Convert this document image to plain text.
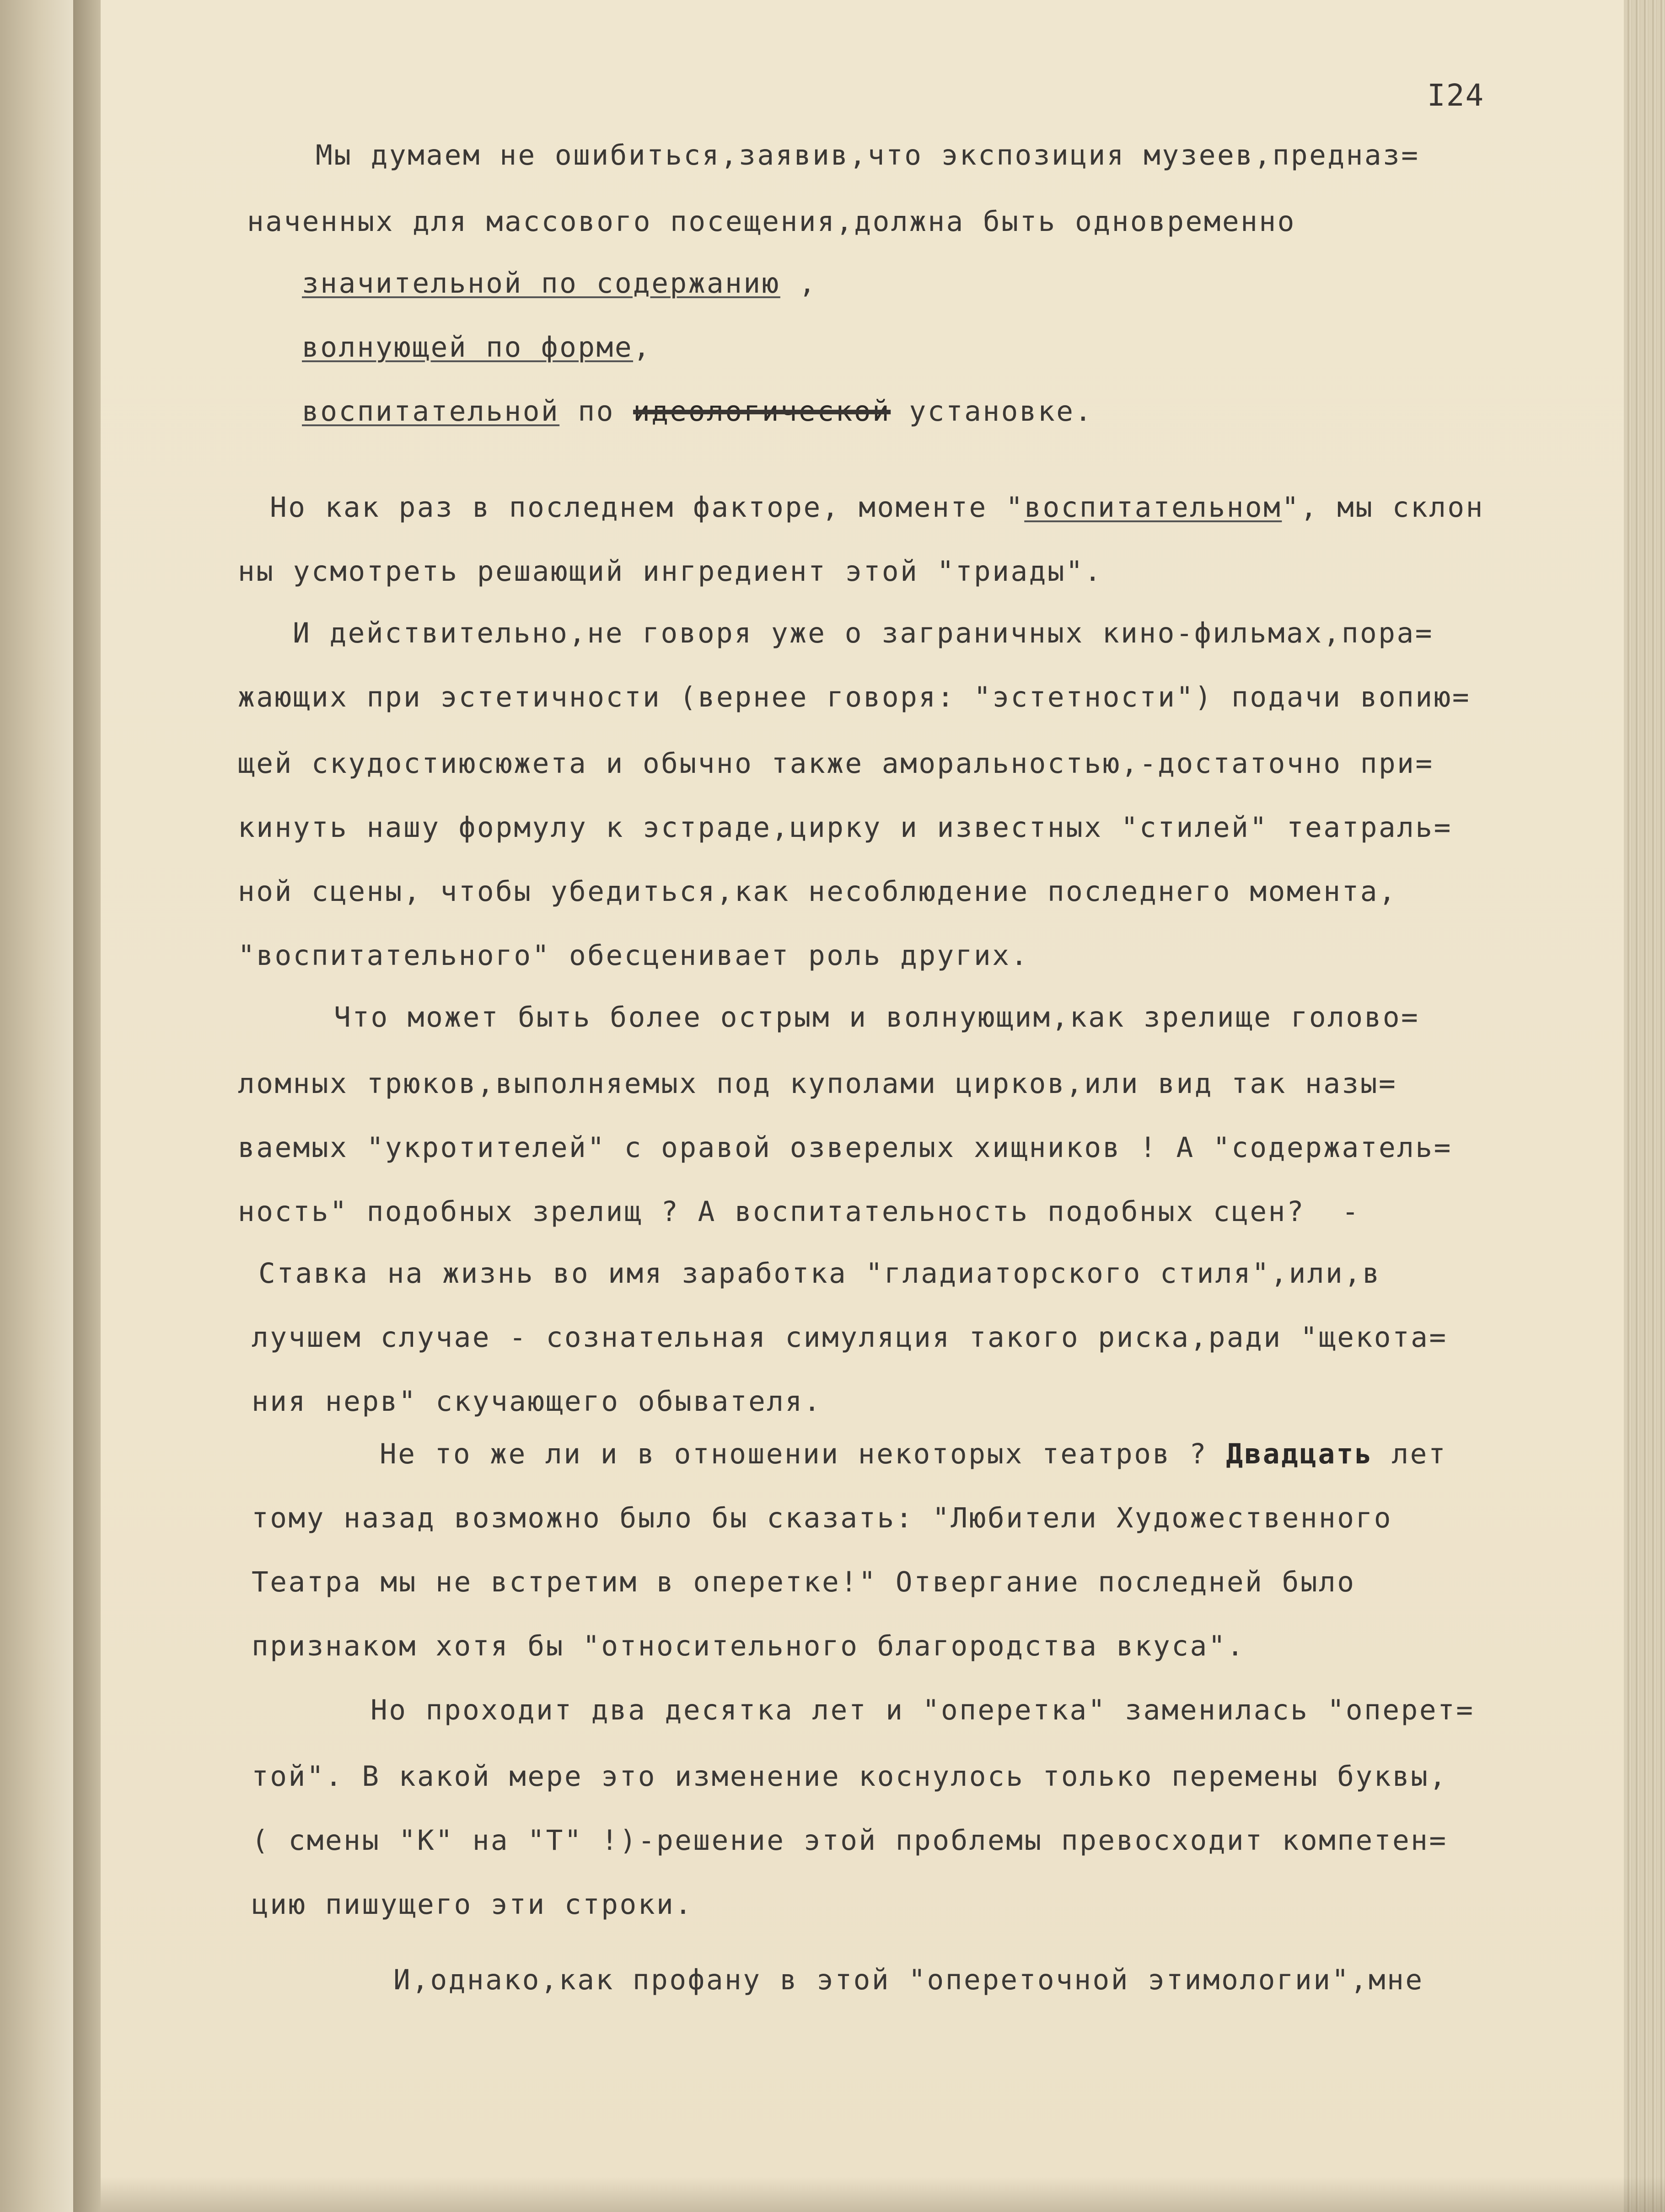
I24
Мы думаем не ошибиться,заявив,что экспозиция музеев,предназ=
наченных для массового посещения,должна быть одновременно
значительной по содержанию ,
волнующей по форме,
воспитательной по идеологической установке.
Но как раз в последнем факторе, моменте "воспитательном", мы склон
ны усмотреть решающий ингредиент этой "триады".
И действительно,не говоря уже о заграничных кино-фильмах,пора=
жающих при эстетичности (вернее говоря: "эстетности") подачи вопию=
щей скудостиюсюжета и обычно также аморальностью,-достаточно при=
кинуть нашу формулу к эстраде,цирку и известных "стилей" театраль=
ной сцены, чтобы убедиться,как несоблюдение последнего момента,
"воспитательного" обесценивает роль других.
Что может быть более острым и волнующим,как зрелище голово=
ломных трюков,выполняемых под куполами цирков,или вид так назы=
ваемых "укротителей" с оравой озверелых хищников ! А "содержатель=
ность" подобных зрелищ ? А воспитательность подобных сцен?  -
Ставка на жизнь во имя заработка "гладиаторского стиля",или,в
лучшем случае - сознательная симуляция такого риска,ради "щекота=
ния нерв" скучающего обывателя.
Не то же ли и в отношении некоторых театров ? Двадцать лет
тому назад возможно было бы сказать: "Любители Художественного
Театра мы не встретим в оперетке!" Отвергание последней было
признаком хотя бы "относительного благородства вкуса".
Но проходит два десятка лет и "оперетка" заменилась "оперет=
той". В какой мере это изменение коснулось только перемены буквы,
( смены "К" на "Т" !)-решение этой проблемы превосходит компетен=
цию пишущего эти строки.
И,однако,как профану в этой "опереточной этимологии",мне
